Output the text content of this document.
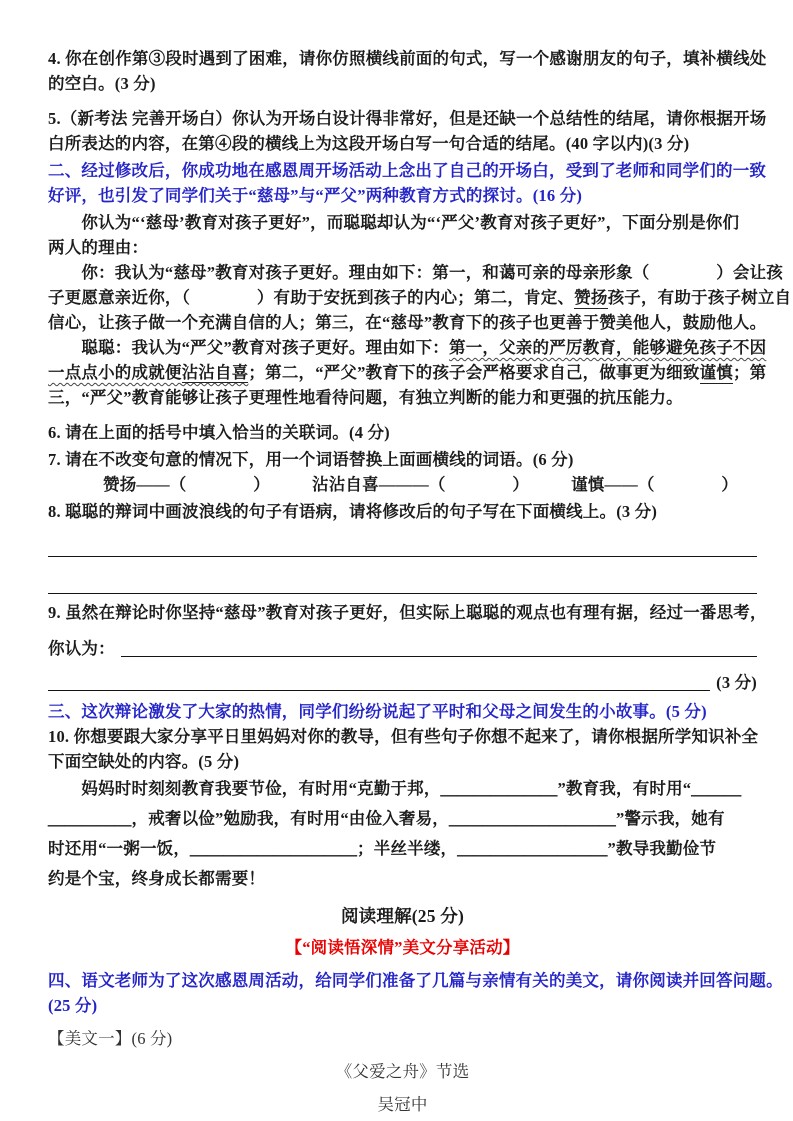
4. 你在创作第③段时遇到了困难，请你仿照横线前面的句式，写一个感谢朋友的句子，填补横线处
的空白。(3 分)
5.（新考法 完善开场白）你认为开场白设计得非常好，但是还缺一个总结性的结尾，请你根据开场
白所表达的内容，在第④段的横线上为这段开场白写一句合适的结尾。(40 字以内)(3 分)
二、经过修改后，你成功地在感恩周开场活动上念出了自己的开场白，受到了老师和同学们的一致
好评，也引发了同学们关于“慈母”与“严父”两种教育方式的探讨。(16 分)
　　你认为“‘慈母’教育对孩子更好”，而聪聪却认为“‘严父’教育对孩子更好”，下面分别是你们
两人的理由：
　　你：我认为“慈母”教育对孩子更好。理由如下：第一，和蔼可亲的母亲形象（　　　　）会让孩
子更愿意亲近你，（　　　　）有助于安抚到孩子的内心；第二，肯定、赞扬孩子，有助于孩子树立自
信心，让孩子做一个充满自信的人；第三，在“慈母”教育下的孩子也更善于赞美他人，鼓励他人。
　　聪聪：我认为“严父”教育对孩子更好。理由如下：第一，父亲的严厉教育，能够避免孩子不因
一点点小的成就便沾沾自喜；第二，“严父”教育下的孩子会严格要求自己，做事更为细致谨慎；第
三，“严父”教育能够让孩子更理性地看待问题，有独立判断的能力和更强的抗压能力。
6. 请在上面的括号中填入恰当的关联词。(4 分)
7. 请在不改变句意的情况下，用一个词语替换上面画横线的词语。(6 分)
赞扬——（　　　　）	沾沾自喜———（　　　　）	谨慎——（　　　　）
8. 聪聪的辩词中画波浪线的句子有语病，请将修改后的句子写在下面横线上。(3 分)
9. 虽然在辩论时你坚持“慈母”教育对孩子更好，但实际上聪聪的观点也有理有据，经过一番思考，
你认为：
(3 分)
三、这次辩论激发了大家的热情，同学们纷纷说起了平时和父母之间发生的小故事。(5 分)
10. 你想要跟大家分享平日里妈妈对你的教导，但有些句子你想不起来了，请你根据所学知识补全
下面空缺处的内容。(5 分)
　　妈妈时时刻刻教育我要节俭，有时用“克勤于邦，＿＿＿＿＿＿＿”教育我，有时用“＿＿＿
＿＿＿＿＿，戒奢以俭”勉励我，有时用“由俭入奢易，＿＿＿＿＿＿＿＿＿＿”警示我，她有
时还用“一粥一饭，＿＿＿＿＿＿＿＿＿＿；半丝半缕，＿＿＿＿＿＿＿＿＿”教导我勤俭节
约是个宝，终身成长都需要！
阅读理解(25 分)
【“阅读悟深情”美文分享活动】
四、语文老师为了这次感恩周活动，给同学们准备了几篇与亲情有关的美文，请你阅读并回答问题。
(25 分)
【美文一】(6 分)
《父爱之舟》节选
吴冠中
